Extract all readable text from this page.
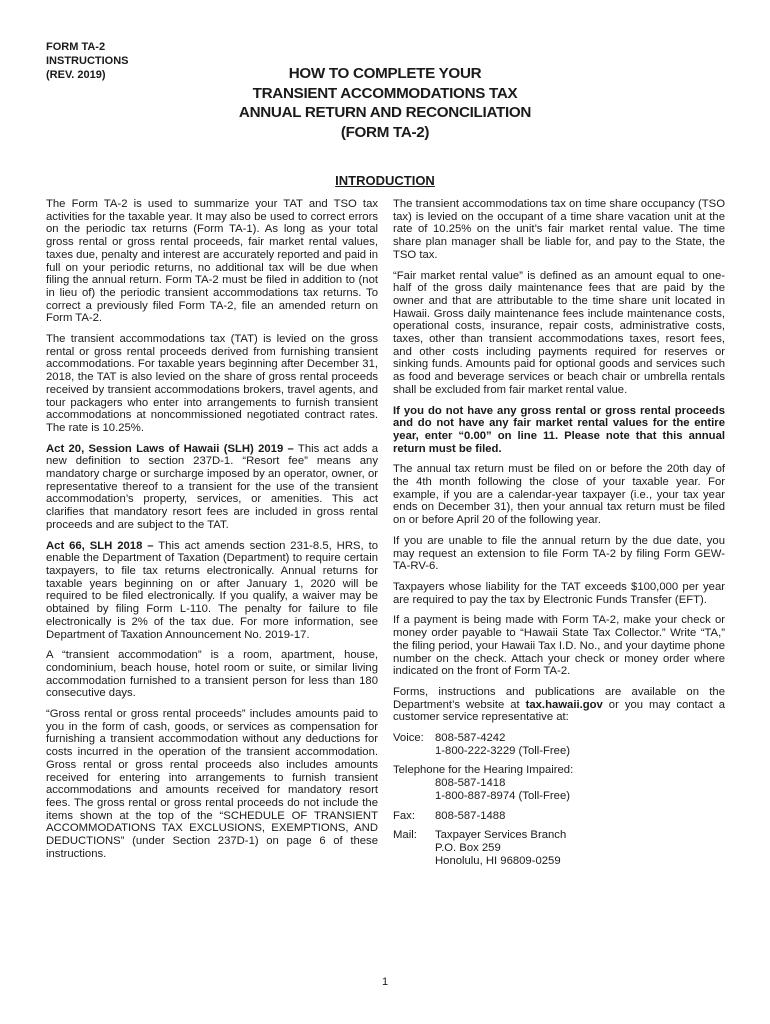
FORM TA-2
INSTRUCTIONS
(REV. 2019)	HOW TO COMPLETE YOUR
TRANSIENT ACCOMMODATIONS TAX
ANNUAL RETURN AND RECONCILIATION
(FORM TA-2)
INTRODUCTION

The Form TA-2 is used to summarize your TAT and TSO tax activities for the taxable year. It may also be used to correct errors on the periodic tax returns (Form TA-1). As long as your total gross rental or gross rental proceeds, fair market rental values, taxes due, penalty and interest are accurately reported and paid in full on your periodic returns, no additional tax will be due when filing the annual return. Form TA-2 must be filed in addition to (not in lieu of) the periodic transient accommodations tax returns. To correct a previously filed Form TA-2, file an amended return on Form TA-2.

The transient accommodations tax (TAT) is levied on the gross rental or gross rental proceeds derived from furnishing transient accommodations. For taxable years beginning after December 31, 2018, the TAT is also levied on the share of gross rental proceeds received by transient accommodations brokers, travel agents, and tour packagers who enter into arrangements to furnish transient accommodations at noncommissioned negotiated contract rates. The rate is 10.25%.

Act 20, Session Laws of Hawaii (SLH) 2019 – This act adds a new definition to section 237D-1. “Resort fee” means any mandatory charge or surcharge imposed by an operator, owner, or representative thereof to a transient for the use of the transient accommodation’s property, services, or amenities. This act clarifies that mandatory resort fees are included in gross rental proceeds and are subject to the TAT.

Act 66, SLH 2018 – This act amends section 231-8.5, HRS, to enable the Department of Taxation (Department) to require certain taxpayers, to file tax returns electronically. Annual returns for taxable years beginning on or after January 1, 2020 will be required to be filed electronically. If you qualify, a waiver may be obtained by filing Form L-110. The penalty for failure to file electronically is 2% of the tax due. For more information, see Department of Taxation Announcement No. 2019-17.

A “transient accommodation” is a room, apartment, house, condominium, beach house, hotel room or suite, or similar living accommodation furnished to a transient person for less than 180 consecutive days.

“Gross rental or gross rental proceeds” includes amounts paid to you in the form of cash, goods, or services as compensation for furnishing a transient accommodation without any deductions for costs incurred in the operation of the transient accommodation. Gross rental or gross rental proceeds also includes amounts received for entering into arrangements to furnish transient accommodations and amounts received for mandatory resort fees. The gross rental or gross rental proceeds do not include the items shown at the top of the “SCHEDULE OF TRANSIENT ACCOMMODATIONS TAX EXCLUSIONS, EXEMPTIONS, AND DEDUCTIONS” (under Section 237D-1) on page 6 of these instructions.

The transient accommodations tax on time share occupancy (TSO tax) is levied on the occupant of a time share vacation unit at the rate of 10.25% on the unit’s fair market rental value. The time share plan manager shall be liable for, and pay to the State, the TSO tax.

“Fair market rental value” is defined as an amount equal to one-half of the gross daily maintenance fees that are paid by the owner and that are attributable to the time share unit located in Hawaii. Gross daily maintenance fees include maintenance costs, operational costs, insurance, repair costs, administrative costs, taxes, other than transient accommodations taxes, resort fees, and other costs including payments required for reserves or sinking funds. Amounts paid for optional goods and services such as food and beverage services or beach chair or umbrella rentals shall be excluded from fair market rental value.

If you do not have any gross rental or gross rental proceeds and do not have any fair market rental values for the entire year, enter “0.00” on line 11. Please note that this annual return must be filed.

The annual tax return must be filed on or before the 20th day of the 4th month following the close of your taxable year. For example, if you are a calendar-year taxpayer (i.e., your tax year ends on December 31), then your annual tax return must be filed on or before April 20 of the following year.

If you are unable to file the annual return by the due date, you may request an extension to file Form TA-2 by filing Form GEW-TA-RV-6.

Taxpayers whose liability for the TAT exceeds $100,000 per year are required to pay the tax by Electronic Funds Transfer (EFT).

If a payment is being made with Form TA-2, make your check or money order payable to “Hawaii State Tax Collector.” Write “TA,” the filing period, your Hawaii Tax I.D. No., and your daytime phone number on the check. Attach your check or money order where indicated on the front of Form TA-2.

Forms, instructions and publications are available on the Department’s website at tax.hawaii.gov or you may contact a customer service representative at:

Voice: 808-587-4242
1-800-222-3229 (Toll-Free)
Telephone for the Hearing Impaired:
808-587-1418
1-800-887-8974 (Toll-Free)
Fax:	808-587-1488
Mail:	Taxpayer Services Branch
P.O. Box 259
Honolulu, HI 96809-0259
1
